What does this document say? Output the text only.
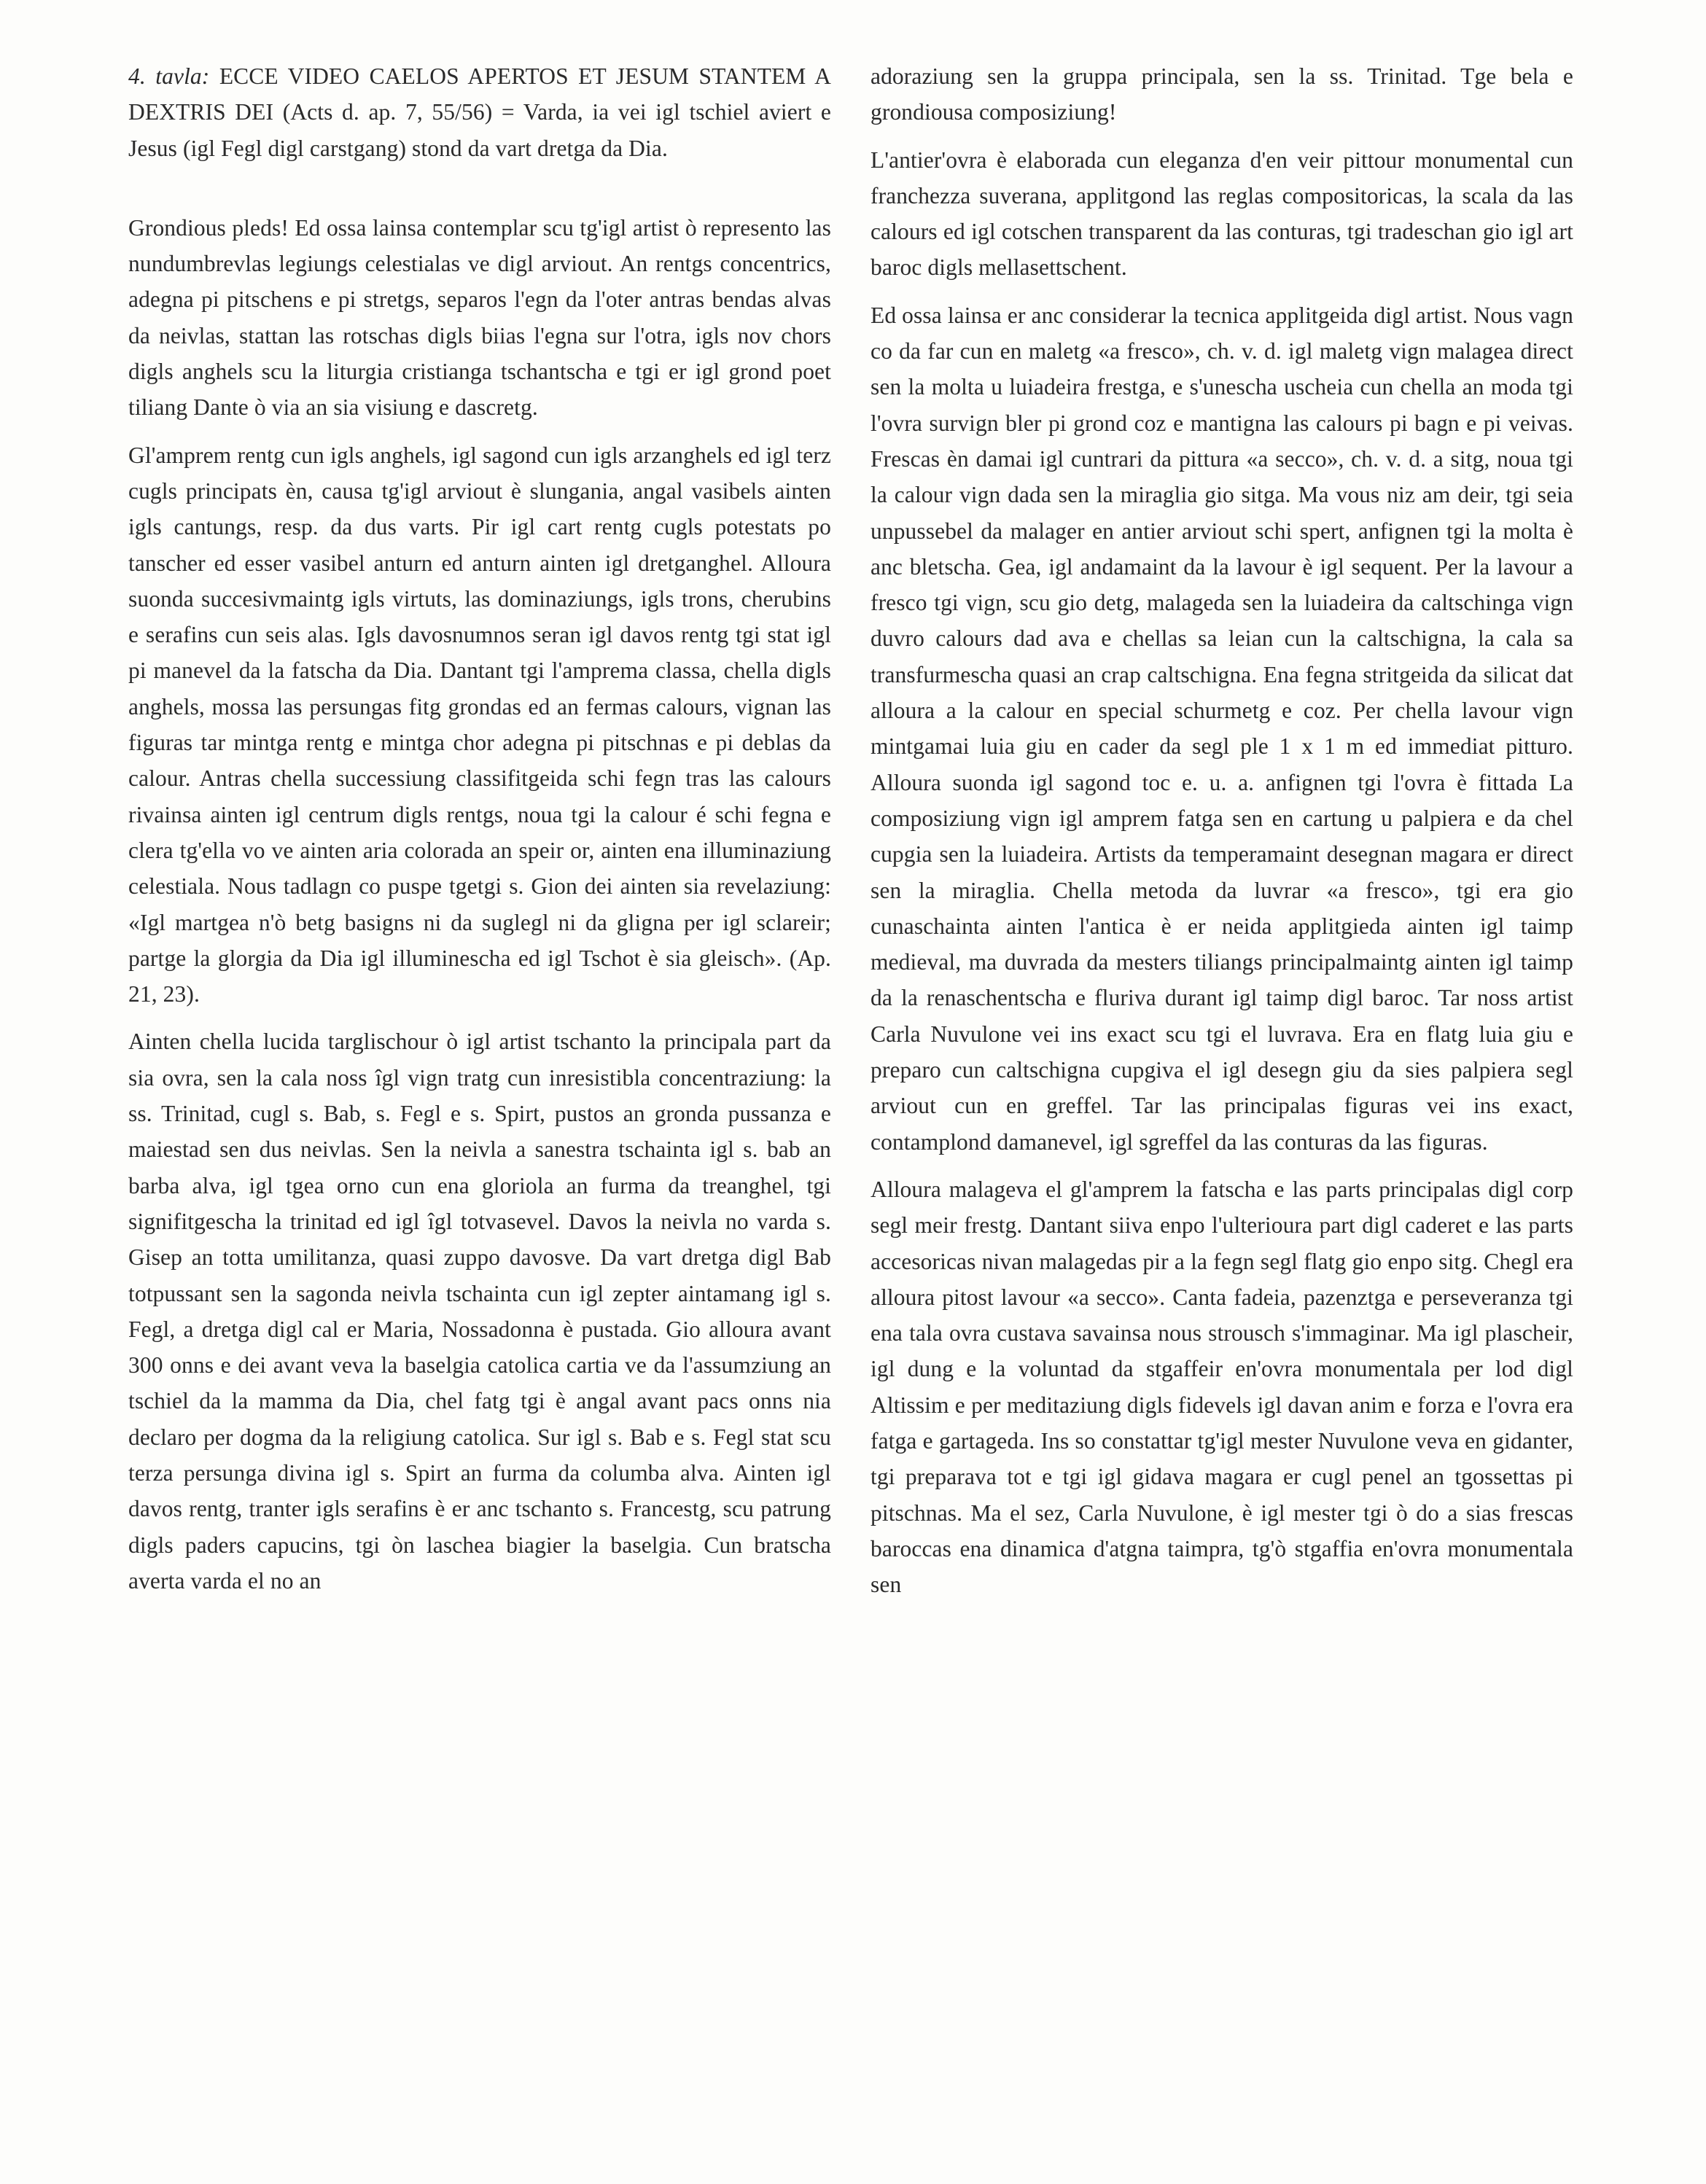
4. tavla: ECCE VIDEO CAELOS APERTOS ET JESUM STANTEM A DEXTRIS DEI (Acts d. ap. 7, 55/56) = Varda, ia vei igl tschiel aviert e Jesus (igl Fegl digl carstgang) stond da vart dretga da Dia.

Grondious pleds! Ed ossa lainsa contemplar scu tg'igl artist ò represento las nundumbrevlas legiungs celestialas ve digl arviout. An rentgs concentrics, adegna pi pitschens e pi stretgs, separos l'egn da l'oter antras bendas alvas da neivlas, stattan las rotschas digls biias l'egna sur l'otra, igls nov chors digls anghels scu la liturgia cristianga tschantscha e tgi er igl grond poet tiliang Dante ò via an sia visiung e dascretg.

Gl'amprem rentg cun igls anghels, igl sagond cun igls arzanghels ed igl terz cugls principats èn, causa tg'igl arviout è slungania, angal vasibels ainten igls cantungs, resp. da dus varts. Pir igl cart rentg cugls potestats po tanscher ed esser vasibel anturn ed anturn ainten igl dretganghel. Alloura suonda succesivmaintg igls virtuts, las dominaziungs, igls trons, cherubins e serafins cun seis alas. Igls davosnumnos seran igl davos rentg tgi stat igl pi manevel da la fatscha da Dia. Dantant tgi l'amprema classa, chella digls anghels, mossa las persungas fitg grondas ed an fermas calours, vignan las figuras tar mintga rentg e mintga chor adegna pi pitschnas e pi deblas da calour. Antras chella successiung classifitgeida schi fegn tras las calours rivainsa ainten igl centrum digls rentgs, noua tgi la calour é schi fegna e clera tg'ella vo ve ainten aria colorada an speir or, ainten ena illuminaziung celestiala. Nous tadlagn co puspe tgetgi s. Gion dei ainten sia revelaziung: «Igl martgea n'ò betg basigns ni da suglegl ni da gligna per igl sclareir; partge la glorgia da Dia igl illuminescha ed igl Tschot è sia gleisch». (Ap. 21, 23).

Ainten chella lucida targlischour ò igl artist tschanto la principala part da sia ovra, sen la cala noss îgl vign tratg cun inresistibla concentraziung: la ss. Trinitad, cugl s. Bab, s. Fegl e s. Spirt, pustos an gronda pussanza e maiestad sen dus neivlas. Sen la neivla a sanestra tschainta igl s. bab an barba alva, igl tgea orno cun ena gloriola an furma da treanghel, tgi signifitgescha la trinitad ed igl îgl totvasevel. Davos la neivla no varda s. Gisep an totta umilitanza, quasi zuppo davosve. Da vart dretga digl Bab totpussant sen la sagonda neivla tschainta cun igl zepter aintamang igl s. Fegl, a dretga digl cal er Maria, Nossadonna è pustada. Gio alloura avant 300 onns e dei avant veva la baselgia catolica cartia ve da l'assumziung an tschiel da la mamma da Dia, chel fatg tgi è angal avant pacs onns nia declaro per dogma da la religiung catolica. Sur igl s. Bab e s. Fegl stat scu terza persunga divina igl s. Spirt an furma da columba alva. Ainten igl davos rentg, tranter igls serafins è er anc tschanto s. Francestg, scu patrung digls paders capucins, tgi òn laschea biagier la baselgia. Cun bratscha averta varda el no an

adoraziung sen la gruppa principala, sen la ss. Trinitad. Tge bela e grondiousa composiziung!

L'antier'ovra è elaborada cun eleganza d'en veir pittour monumental cun franchezza suverana, applitgond las reglas compositoricas, la scala da las calours ed igl cotschen transparent da las conturas, tgi tradeschan gio igl art baroc digls mellasettschent.

Ed ossa lainsa er anc considerar la tecnica applitgeida digl artist. Nous vagn co da far cun en maletg «a fresco», ch. v. d. igl maletg vign malagea direct sen la molta u luiadeira frestga, e s'unescha uscheia cun chella an moda tgi l'ovra survign bler pi grond coz e mantigna las calours pi bagn e pi veivas. Frescas èn damai igl cuntrari da pittura «a secco», ch. v. d. a sitg, noua tgi la calour vign dada sen la miraglia gio sitga. Ma vous niz am deir, tgi seia unpussebel da malager en antier arviout schi spert, anfignen tgi la molta è anc bletscha. Gea, igl andamaint da la lavour è igl sequent. Per la lavour a fresco tgi vign, scu gio detg, malageda sen la luiadeira da caltschinga vign duvro calours dad ava e chellas sa leian cun la caltschigna, la cala sa transfurmescha quasi an crap caltschigna. Ena fegna stritgeida da silicat dat alloura a la calour en special schurmetg e coz. Per chella lavour vign mintgamai luia giu en cader da segl ple 1 x 1 m ed immediat pitturo. Alloura suonda igl sagond toc e. u. a. anfignen tgi l'ovra è fittada La composiziung vign igl amprem fatga sen en cartung u palpiera e da chel cupgia sen la luiadeira. Artists da temperamaint desegnan magara er direct sen la miraglia. Chella metoda da luvrar «a fresco», tgi era gio cunaschainta ainten l'antica è er neida applitgieda ainten igl taimp medieval, ma duvrada da mesters tiliangs principalmaintg ainten igl taimp da la renaschentscha e fluriva durant igl taimp digl baroc. Tar noss artist Carla Nuvulone vei ins exact scu tgi el luvrava. Era en flatg luia giu e preparo cun caltschigna cupgiva el igl desegn giu da sies palpiera segl arviout cun en greffel. Tar las principalas figuras vei ins exact, contamplond damanevel, igl sgreffel da las conturas da las figuras.

Alloura malageva el gl'amprem la fatscha e las parts principalas digl corp segl meir frestg. Dantant siiva enpo l'ulterioura part digl caderet e las parts accesoricas nivan malagedas pir a la fegn segl flatg gio enpo sitg. Chegl era alloura pitost lavour «a secco». Canta fadeia, pazenztga e perseveranza tgi ena tala ovra custava savainsa nous strousch s'immaginar. Ma igl plascheir, igl dung e la voluntad da stgaffeir en'ovra monumentala per lod digl Altissim e per meditaziung digls fidevels igl davan anim e forza e l'ovra era fatga e gartageda. Ins so constattar tg'igl mester Nuvulone veva en gidanter, tgi preparava tot e tgi igl gidava magara er cugl penel an tgossettas pi pitschnas. Ma el sez, Carla Nuvulone, è igl mester tgi ò do a sias frescas baroccas ena dinamica d'atgna taimpra, tg'ò stgaffia en'ovra monumentala sen
